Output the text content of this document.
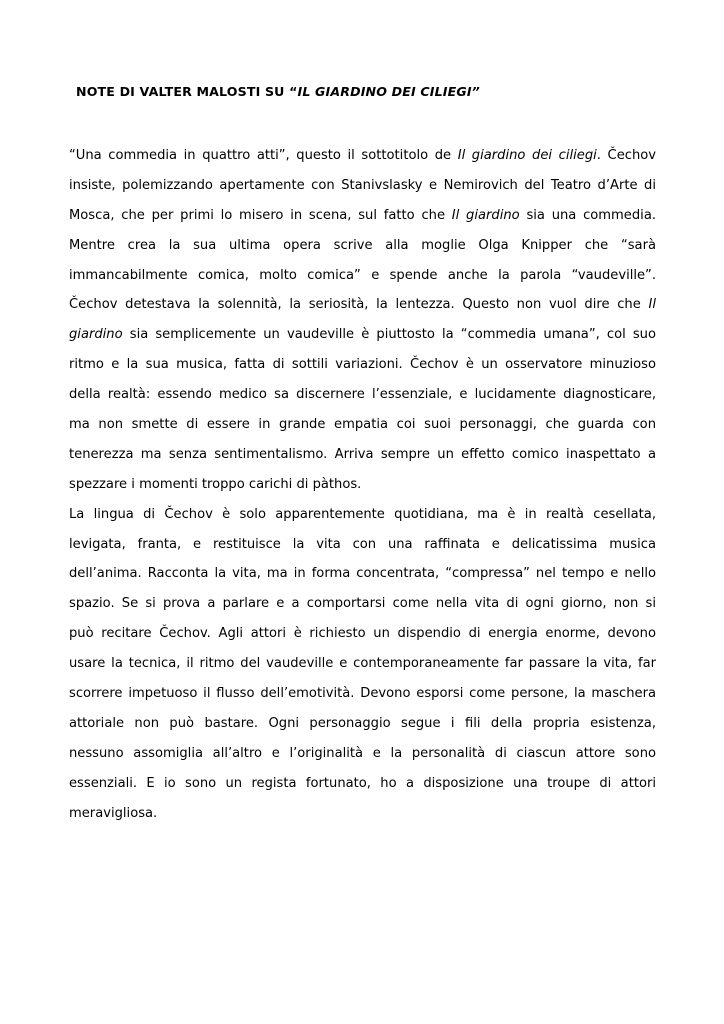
NOTE DI VALTER MALOSTI SU “IL GIARDINO DEI CILIEGI”
“Una commedia in quattro atti”, questo il sottotitolo de Il giardino dei ciliegi. Čechov
insiste, polemizzando apertamente con Stanivslasky e Nemirovich del Teatro d’Arte di
Mosca, che per primi lo misero in scena, sul fatto che Il giardino sia una commedia.
Mentre crea la sua ultima opera scrive alla moglie Olga Knipper che “sarà
immancabilmente comica, molto comica” e spende anche la parola “vaudeville”.
Čechov detestava la solennità, la seriosità, la lentezza. Questo non vuol dire che Il
giardino sia semplicemente un vaudeville è piuttosto la “commedia umana”, col suo
ritmo e la sua musica, fatta di sottili variazioni. Čechov è un osservatore minuzioso
della realtà: essendo medico sa discernere l’essenziale, e lucidamente diagnosticare,
ma non smette di essere in grande empatia coi suoi personaggi, che guarda con
tenerezza ma senza sentimentalismo. Arriva sempre un effetto comico inaspettato a
spezzare i momenti troppo carichi di pàthos.
La lingua di Čechov è solo apparentemente quotidiana, ma è in realtà cesellata,
levigata, franta, e restituisce la vita con una raffinata e delicatissima musica
dell’anima. Racconta la vita, ma in forma concentrata, “compressa” nel tempo e nello
spazio. Se si prova a parlare e a comportarsi come nella vita di ogni giorno, non si
può recitare Čechov. Agli attori è richiesto un dispendio di energia enorme, devono
usare la tecnica, il ritmo del vaudeville e contemporaneamente far passare la vita, far
scorrere impetuoso il flusso dell’emotività. Devono esporsi come persone, la maschera
attoriale non può bastare. Ogni personaggio segue i fili della propria esistenza,
nessuno assomiglia all’altro e l’originalità e la personalità di ciascun attore sono
essenziali. E io sono un regista fortunato, ho a disposizione una troupe di attori
meravigliosa.
